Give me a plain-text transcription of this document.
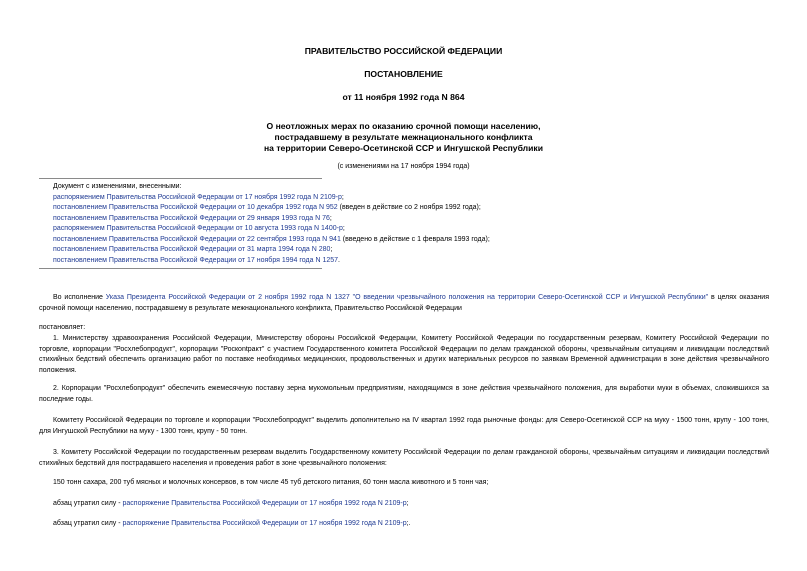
ПРАВИТЕЛЬСТВО РОССИЙСКОЙ ФЕДЕРАЦИИ
ПОСТАНОВЛЕНИЕ
от 11 ноября 1992 года N 864
О неотложных мерах по оказанию срочной помощи населению,
пострадавшему в результате межнационального конфликта
на территории Северо-Осетинской ССР и Ингушской Республики
(с изменениями на 17 ноября 1994 года)
Документ с изменениями, внесенными:
распоряжением Правительства Российской Федерации от 17 ноября 1992 года N 2109-р;
постановлением Правительства Российской Федерации от 10 декабря 1992 года N 952 (введен в действие со 2 ноября 1992 года);
постановлением Правительства Российской Федерации от 29 января 1993 года N 76;
распоряжением Правительства Российской Федерации от 10 августа 1993 года N 1400-р;
постановлением Правительства Российской Федерации от 22 сентября 1993 года N 941 (введено в действие с 1 февраля 1993 года);
постановлением Правительства Российской Федерации от 31 марта 1994 года N 280;
постановлением Правительства Российской Федерации от 17 ноября 1994 года N 1257.
Во исполнение Указа Президента Российской Федерации от 2 ноября 1992 года N 1327 "О введении чрезвычайного положения на территории Северо-Осетинской ССР и Ингушской Республики" в целях оказания срочной помощи населению, пострадавшему в результате межнационального конфликта, Правительство Российской Федерации
постановляет:
1. Министерству здравоохранения Российской Федерации, Министерству обороны Российской Федерации, Комитету Российской Федерации по государственным резервам, Комитету Российской Федерации по торговле, корпорации "Росхлебопродукт", корпорации "Роскontракт" с участием Государственного комитета Российской Федерации по делам гражданской обороны, чрезвычайным ситуациям и ликвидации последствий стихийных бедствий обеспечить организацию работ по поставке необходимых медицинских, продовольственных и других материальных ресурсов по заявкам Временной администрации в зоне действия чрезвычайного положения.
2. Корпорации "Росхлебопродукт" обеспечить ежемесячную поставку зерна мукомольным предприятиям, находящимся в зоне действия чрезвычайного положения, для выработки муки в объемах, сложившихся за последние годы.
Комитету Российской Федерации по торговле и корпорации "Росхлебопродукт" выделить дополнительно на IV квартал 1992 года рыночные фонды: для Северо-Осетинской ССР на муку - 1500 тонн, крупу - 100 тонн, для Ингушской Республики на муку - 1300 тонн, крупу - 50 тонн.
3. Комитету Российской Федерации по государственным резервам выделить Государственному комитету Российской Федерации по делам гражданской обороны, чрезвычайным ситуациям и ликвидации последствий стихийных бедствий для пострадавшего населения и проведения работ в зоне чрезвычайного положения:
150 тонн сахара, 200 туб мясных и молочных консервов, в том числе 45 туб детского питания, 60 тонн масла животного и 5 тонн чая;
абзац утратил силу - распоряжение Правительства Российской Федерации от 17 ноября 1992 года N 2109-р;
абзац утратил силу - распоряжение Правительства Российской Федерации от 17 ноября 1992 года N 2109-р;.
